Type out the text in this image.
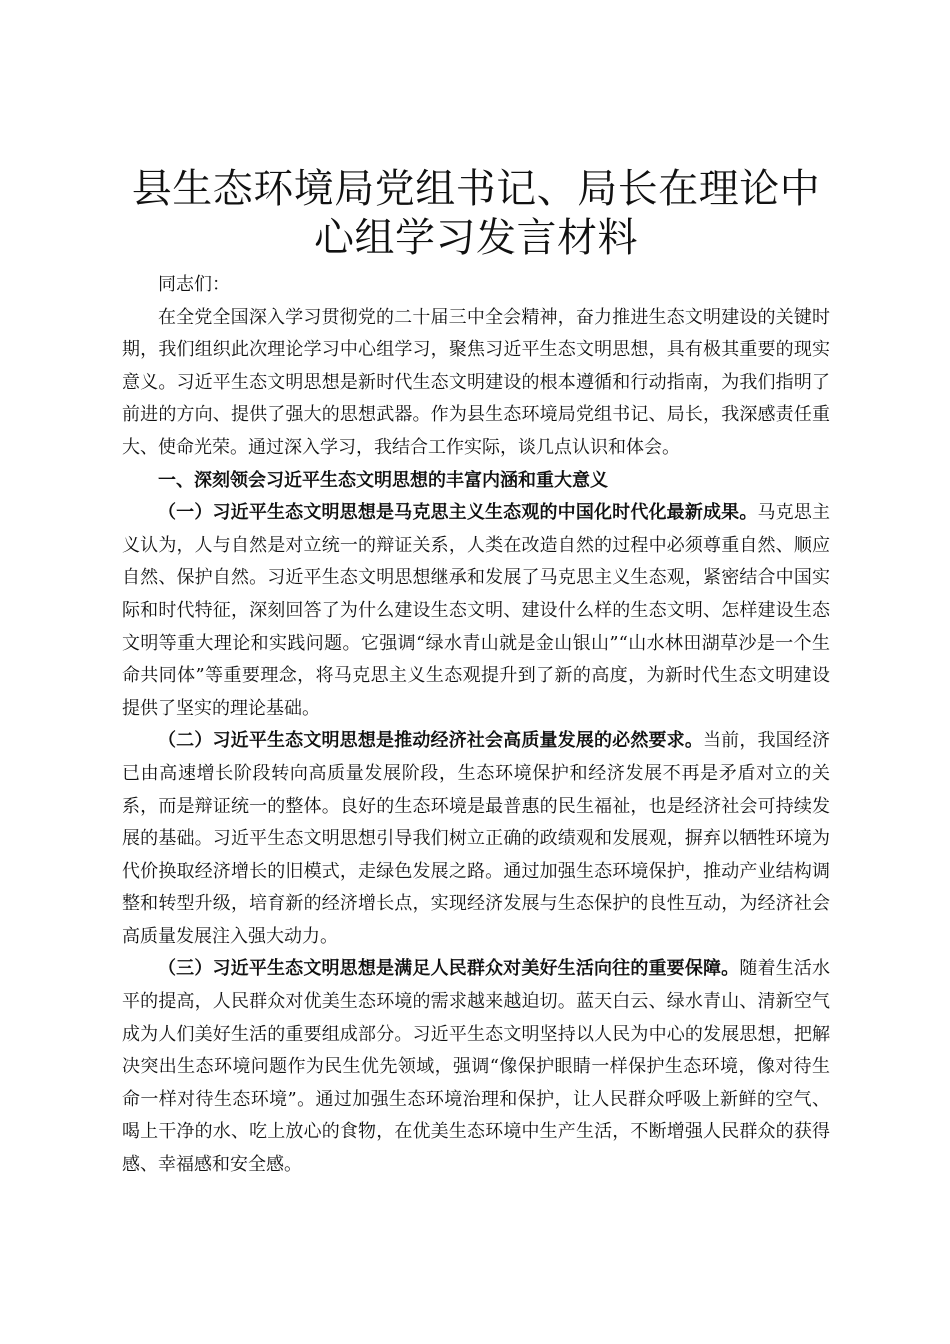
县生态环境局党组书记、局长在理论中心组学习发言材料

同志们：

在全党全国深入学习贯彻党的二十届三中全会精神，奋力推进生态文明建设的关键时期，我们组织此次理论学习中心组学习，聚焦习近平生态文明思想，具有极其重要的现实意义。习近平生态文明思想是新时代生态文明建设的根本遵循和行动指南，为我们指明了前进的方向、提供了强大的思想武器。作为县生态环境局党组书记、局长，我深感责任重大、使命光荣。通过深入学习，我结合工作实际，谈几点认识和体会。

一、深刻领会习近平生态文明思想的丰富内涵和重大意义

（一）习近平生态文明思想是马克思主义生态观的中国化时代化最新成果。马克思主义认为，人与自然是对立统一的辩证关系，人类在改造自然的过程中必须尊重自然、顺应自然、保护自然。习近平生态文明思想继承和发展了马克思主义生态观，紧密结合中国实际和时代特征，深刻回答了为什么建设生态文明、建设什么样的生态文明、怎样建设生态文明等重大理论和实践问题。它强调“绿水青山就是金山银山”“山水林田湖草沙是一个生命共同体”等重要理念，将马克思主义生态观提升到了新的高度，为新时代生态文明建设提供了坚实的理论基础。

（二）习近平生态文明思想是推动经济社会高质量发展的必然要求。当前，我国经济已由高速增长阶段转向高质量发展阶段，生态环境保护和经济发展不再是矛盾对立的关系，而是辩证统一的整体。良好的生态环境是最普惠的民生福祉，也是经济社会可持续发展的基础。习近平生态文明思想引导我们树立正确的政绩观和发展观，摒弃以牺牲环境为代价换取经济增长的旧模式，走绿色发展之路。通过加强生态环境保护，推动产业结构调整和转型升级，培育新的经济增长点，实现经济发展与生态保护的良性互动，为经济社会高质量发展注入强大动力。

（三）习近平生态文明思想是满足人民群众对美好生活向往的重要保障。随着生活水平的提高，人民群众对优美生态环境的需求越来越迫切。蓝天白云、绿水青山、清新空气成为人们美好生活的重要组成部分。习近平生态文明坚持以人民为中心的发展思想，把解决突出生态环境问题作为民生优先领域，强调“像保护眼睛一样保护生态环境，像对待生命一样对待生态环境”。通过加强生态环境治理和保护，让人民群众呼吸上新鲜的空气、喝上干净的水、吃上放心的食物，在优美生态环境中生产生活，不断增强人民群众的获得感、幸福感和安全感。
